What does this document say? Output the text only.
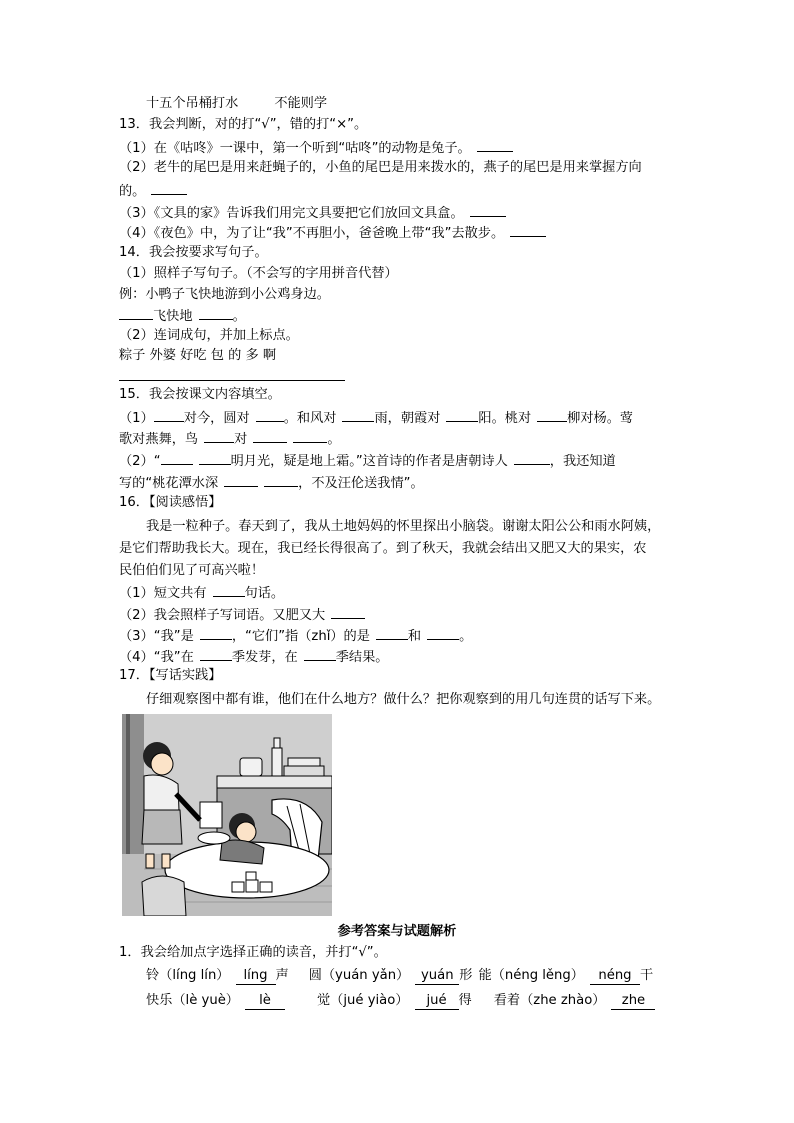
十五个吊桶打水	不能则学
13．我会判断，对的打“√”，错的打“×”。
（1）在《咕咚》一课中，第一个听到“咕咚”的动物是兔子。
（2）老牛的尾巴是用来赶蝇子的，小鱼的尾巴是用来拨水的，燕子的尾巴是用来掌握方向
的。
（3）《文具的家》告诉我们用完文具要把它们放回文具盒。
（4）《夜色》中，为了让“我”不再胆小，爸爸晚上带“我”去散步。
14．我会按要求写句子。
（1）照样子写句子。（不会写的字用拼音代替）
例：小鸭子飞快地游到小公鸡身边。
飞快地	。
（2）连词成句，并加上标点。
粽子 外婆 好吃 包 的 多 啊
15．我会按课文内容填空。
（1） 对今，圆对	。和风对	雨，朝霞对	阳。桃对	柳对杨。莺
歌对燕舞，鸟	对	。
（2）“	明月光，疑是地上霜。”这首诗的作者是唐朝诗人	，我还知道
写的“桃花潭水深	，不及汪伦送我情”。
16．【阅读感悟】
我是一粒种子。春天到了，我从土地妈妈的怀里探出小脑袋。谢谢太阳公公和雨水阿姨，
是它们帮助我长大。现在，我已经长得很高了。到了秋天，我就会结出又肥又大的果实，农
民伯伯们见了可高兴啦！
（1）短文共有	句话。
（2）我会照样子写词语。又肥又大
（3）“我”是	，“它们”指（zhǐ）的是	和	。
（4）“我”在	季发芽，在	季结果。
17．【写话实践】
仔细观察图中都有谁，他们在什么地方？做什么？把你观察到的用几句连贯的话写下来。
参考答案与试题解析
1．我会给加点字选择正确的读音，并打“√”。
铃（líng lín） líng 声 圆（yuán yǎn） yuán 形 能（néng lěng） néng 干
快乐（lè yuè） lè	觉（jué yiào） jué 得 看着（zhe zhào） zhe
